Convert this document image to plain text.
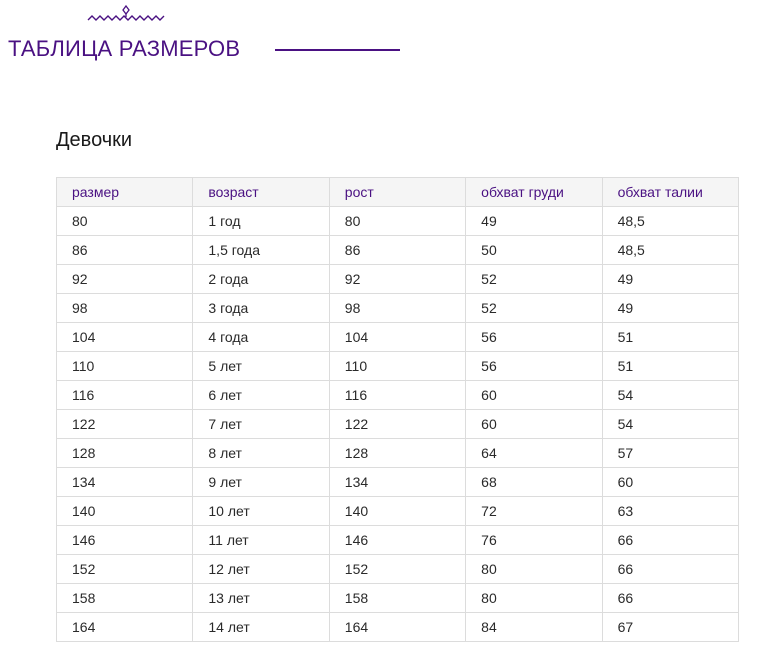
ТАБЛИЦА РАЗМЕРОВ
Девочки
размер	возраст	рост	обхват груди	обхват талии
80	1 год	80	49	48,5
86	1,5 года	86	50	48,5
92	2 года	92	52	49
98	3 года	98	52	49
104	4 года	104	56	51
110	5 лет	110	56	51
116	6 лет	116	60	54
122	7 лет	122	60	54
128	8 лет	128	64	57
134	9 лет	134	68	60
140	10 лет	140	72	63
146	11 лет	146	76	66
152	12 лет	152	80	66
158	13 лет	158	80	66
164	14 лет	164	84	67
